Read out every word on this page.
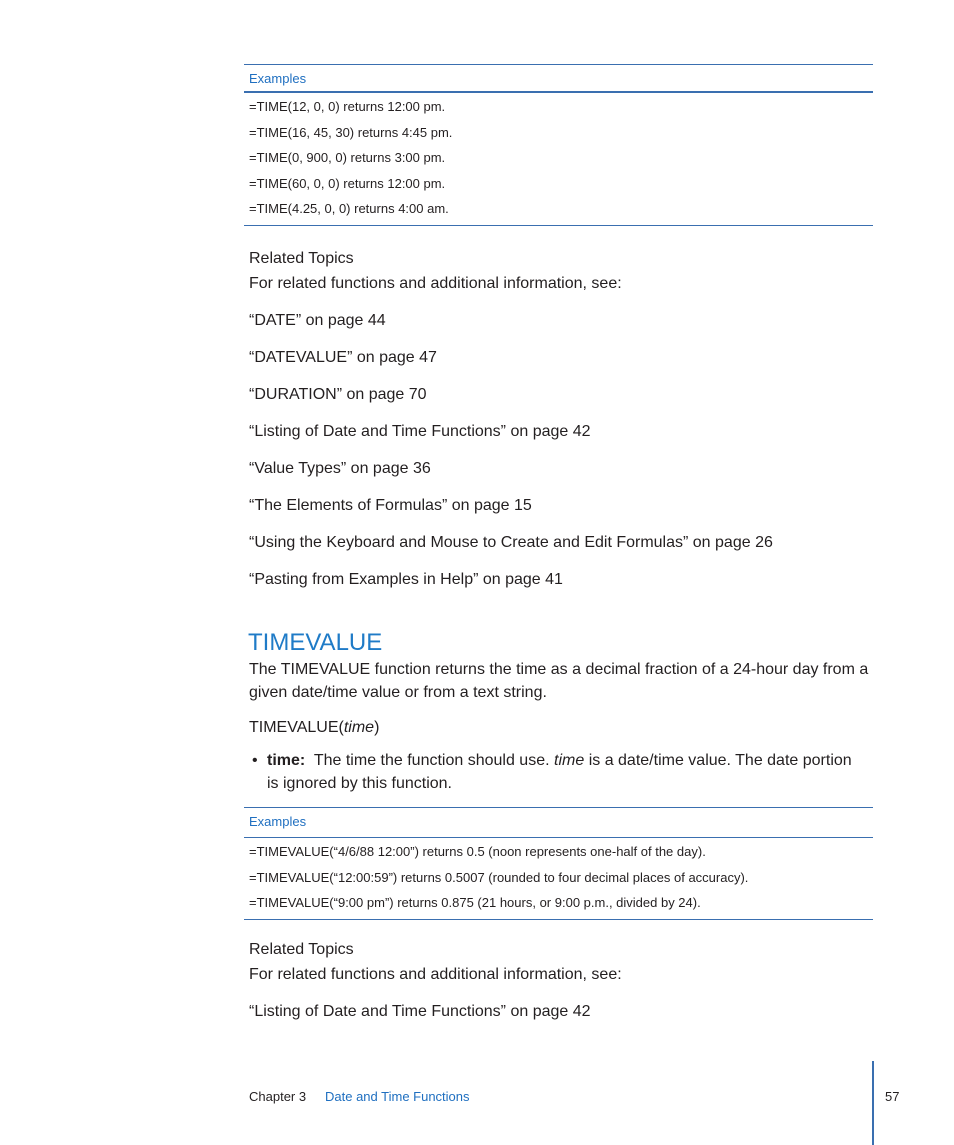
Examples
=TIME(12, 0, 0) returns 12:00 pm.
=TIME(16, 45, 30) returns 4:45 pm.
=TIME(0, 900, 0) returns 3:00 pm.
=TIME(60, 0, 0) returns 12:00 pm.
=TIME(4.25, 0, 0) returns 4:00 am.
Related Topics
For related functions and additional information, see:
“DATE” on page 44
“DATEVALUE” on page 47
“DURATION” on page 70
“Listing of Date and Time Functions” on page 42
“Value Types” on page 36
“The Elements of Formulas” on page 15
“Using the Keyboard and Mouse to Create and Edit Formulas” on page 26
“Pasting from Examples in Help” on page 41
TIMEVALUE
The TIMEVALUE function returns the time as a decimal fraction of a 24-hour day from a
given date/time value or from a text string.
TIMEVALUE(time)
• time: The time the function should use. time is a date/time value. The date portion
is ignored by this function.
Examples
=TIMEVALUE(“4/6/88 12:00”) returns 0.5 (noon represents one-half of the day).
=TIMEVALUE(“12:00:59”) returns 0.5007 (rounded to four decimal places of accuracy).
=TIMEVALUE(“9:00 pm”) returns 0.875 (21 hours, or 9:00 p.m., divided by 24).
Related Topics
For related functions and additional information, see:
“Listing of Date and Time Functions” on page 42
Chapter 3 Date and Time Functions	57
